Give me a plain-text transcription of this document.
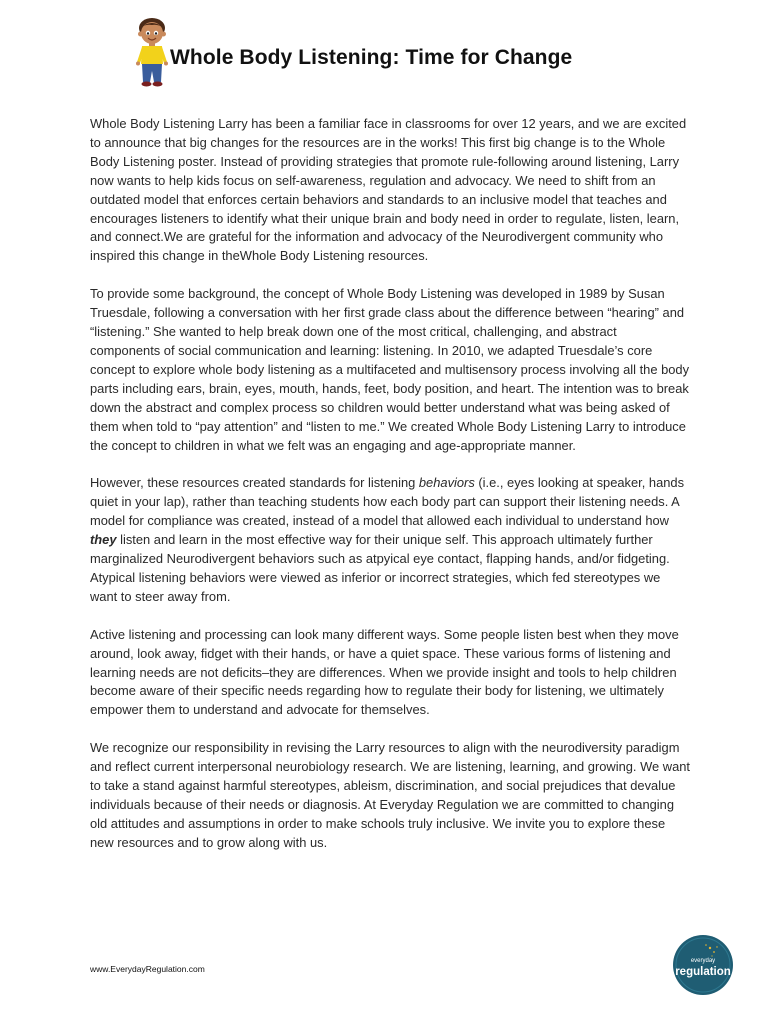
Whole Body Listening: Time for Change

Whole Body Listening Larry has been a familiar face in classrooms for over 12 years, and we are excited to announce that big changes for the resources are in the works! This first big change is to the Whole Body Listening poster. Instead of providing strategies that promote rule-following around listening, Larry now wants to help kids focus on self-awareness, regulation and advocacy. We need to shift from an outdated model that enforces certain behaviors and standards to an inclusive model that teaches and encourages listeners to identify what their unique brain and body need in order to regulate, listen, learn, and connect.We are grateful for the information and advocacy of the Neurodivergent community who inspired this change in theWhole Body Listening resources.

To provide some background, the concept of Whole Body Listening was developed in 1989 by Susan Truesdale, following a conversation with her first grade class about the difference between “hearing” and “listening.” She wanted to help break down one of the most critical, challenging, and abstract components of social communication and learning: listening. In 2010, we adapted Truesdale’s core concept to explore whole body listening as a multifaceted and multisensory process involving all the body parts including ears, brain, eyes, mouth, hands, feet, body position, and heart. The intention was to break down the abstract and complex process so children would better understand what was being asked of them when told to “pay attention” and “listen to me.” We created Whole Body Listening Larry to introduce the concept to children in what we felt was an engaging and age-appropriate manner.

However, these resources created standards for listening behaviors (i.e., eyes looking at speaker, hands quiet in your lap), rather than teaching students how each body part can support their listening needs. A model for compliance was created, instead of a model that allowed each individual to understand how they listen and learn in the most effective way for their unique self. This approach ultimately further marginalized Neurodivergent behaviors such as atpyical eye contact, flapping hands, and/or fidgeting. Atypical listening behaviors were viewed as inferior or incorrect strategies, which fed stereotypes we want to steer away from.

Active listening and processing can look many different ways. Some people listen best when they move around, look away, fidget with their hands, or have a quiet space. These various forms of listening and learning needs are not deficits–they are differences. When we provide insight and tools to help children become aware of their specific needs regarding how to regulate their body for listening, we ultimately empower them to understand and advocate for themselves.

We recognize our responsibility in revising the Larry resources to align with the neurodiversity paradigm and reflect current interpersonal neurobiology research. We are listening, learning, and growing. We want to take a stand against harmful stereotypes, ableism, discrimination, and social prejudices that devalue individuals because of their needs or diagnosis. At Everyday Regulation we are committed to changing old attitudes and assumptions in order to make schools truly inclusive. We invite you to explore these new resources and to grow along with us.

www.EverydayRegulation.com
everyday
regulation
